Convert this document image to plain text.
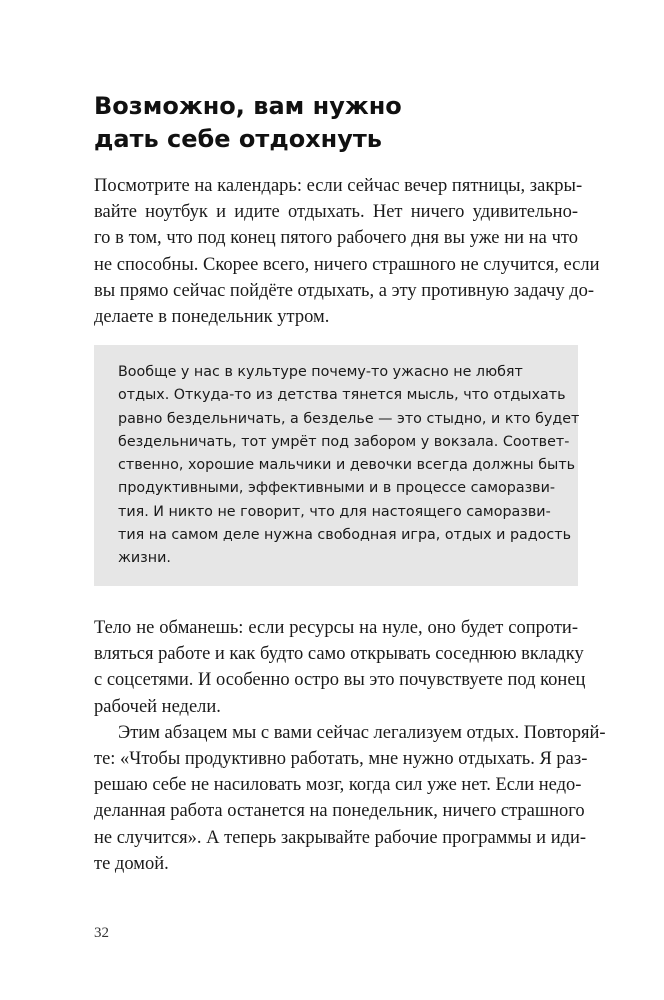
Возможно, вам нужно
дать себе отдохнуть
Посмотрите на календарь: если сейчас вечер пятницы, закры-
вайте ноутбук и идите отдыхать. Нет ничего удивительно-
го в том, что под конец пятого рабочего дня вы уже ни на что
не способны. Скорее всего, ничего страшного не случится, если
вы прямо сейчас пойдёте отдыхать, а эту противную задачу до-
делаете в понедельник утром.
Вообще у нас в культуре почему-то ужасно не любят
отдых. Откуда-то из детства тянется мысль, что отдыхать
равно бездельничать, а безделье — это стыдно, и кто будет
бездельничать, тот умрёт под забором у вокзала. Соответ-
ственно, хорошие мальчики и девочки всегда должны быть
продуктивными, эффективными и в процессе саморазви-
тия. И никто не говорит, что для настоящего саморазви-
тия на самом деле нужна свободная игра, отдых и радость
жизни.
Тело не обманешь: если ресурсы на нуле, оно будет сопроти-
вляться работе и как будто само открывать соседнюю вкладку
с соцсетями. И особенно остро вы это почувствуете под конец
рабочей недели.
Этим абзацем мы с вами сейчас легализуем отдых. Повторяй-
те: «Чтобы продуктивно работать, мне нужно отдыхать. Я раз-
решаю себе не насиловать мозг, когда сил уже нет. Если недо-
деланная работа останется на понедельник, ничего страшного
не случится». А теперь закрывайте рабочие программы и иди-
те домой.
32
